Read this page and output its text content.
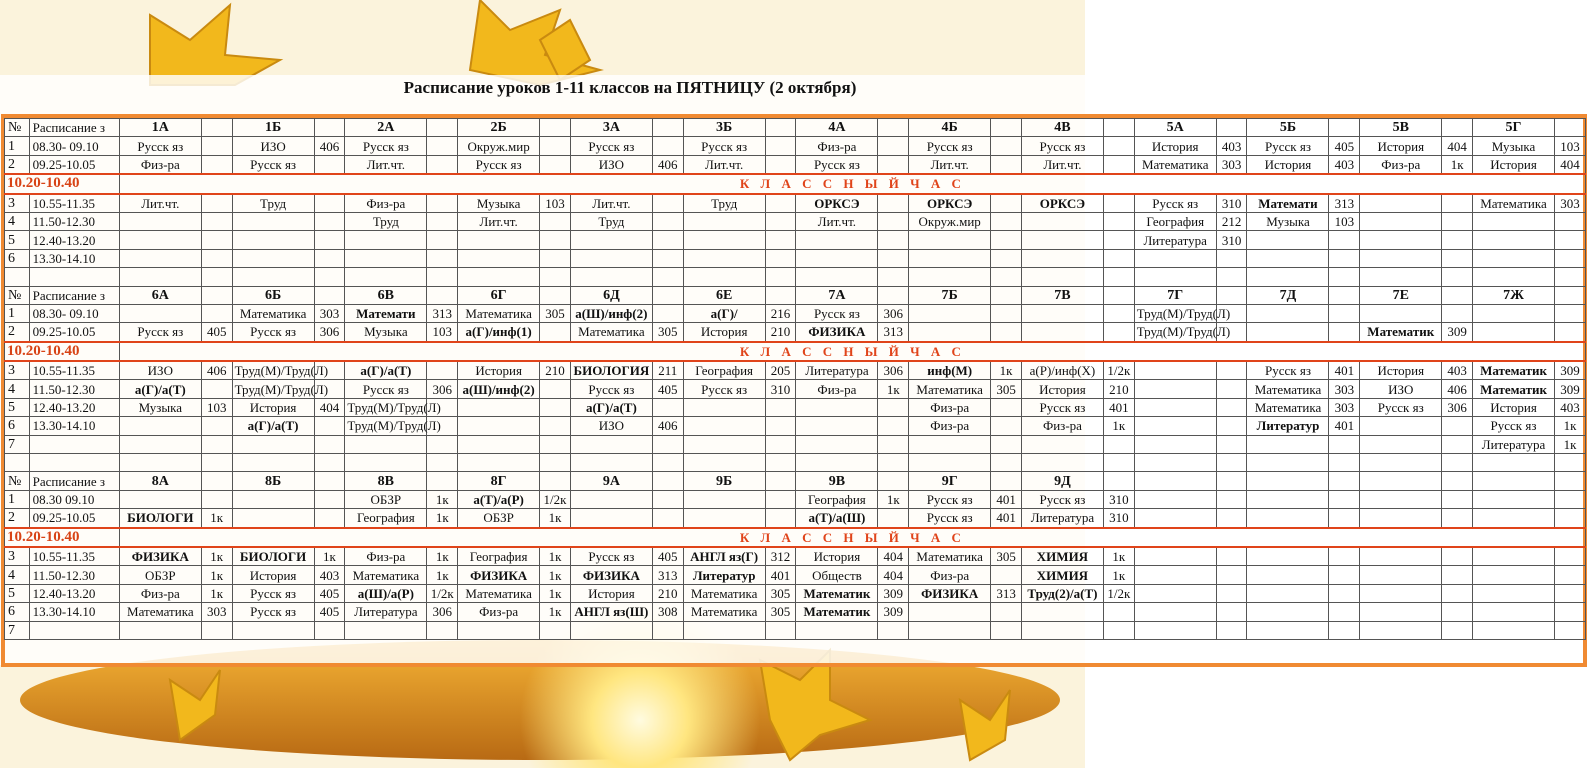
Расписание уроков 1-11 классов на ПЯТНИЦУ (2 октября)
№	Расписание з	1А		1Б		2А		2Б		3А		3Б		4А		4Б		4В		5А		5Б		5В		5Г	
1	08.30- 09.10	Русск яз		ИЗО	406	Русск яз		Окруж.мир		Русск яз		Русск яз		Физ-ра		Русск яз		Русск яз		История	403	Русск яз	405	История	404	Музыка	103
2	09.25-10.05	Физ-ра		Русск яз		Лит.чт.		Русск яз		ИЗО	406	Лит.чт.		Русск яз		Лит.чт.		Лит.чт.		Математика	303	История	403	Физ-ра	1к	История	404
10.20-10.40		К Л А С С Н Ы Й Ч А С																									
3	10.55-11.35	Лит.чт.		Труд		Физ-ра		Музыка	103	Лит.чт.		Труд		ОРКСЭ		ОРКСЭ		ОРКСЭ		Русск яз	310	Математи	313			Математика	303
4	11.50-12.30					Труд		Лит.чт.		Труд				Лит.чт.		Окруж.мир				География	212	Музыка	103				
5	12.40-13.20																			Литература	310						
6	13.30-14.10																										

№	Расписание з	6А		6Б		6В		6Г		6Д		6Е		7А		7Б		7В		7Г		7Д		7Е		7Ж	
1	08.30- 09.10			Математика	303	Математи	313	Математика	305	а(Ш)/инф(2)		а(Г)/	216	Русск яз	306					Труд(М)/Труд(Л)							
2	09.25-10.05	Русск яз	405	Русск яз	306	Музыка	103	а(Г)/инф(1)		Математика	305	История	210	ФИЗИКА	313					Труд(М)/Труд(Л)				Математик	309		
10.20-10.40		К Л А С С Н Ы Й Ч А С																									
3	10.55-11.35	ИЗО	406	Труд(М)/Труд(Л)		а(Г)/а(Т)		История	210	БИОЛОГИЯ	211	География	205	Литература	306	инф(М)	1к	а(Р)/инф(Х)	1/2к			Русск яз	401	История	403	Математик	309
4	11.50-12.30	а(Г)/а(Т)		Труд(М)/Труд(Л)		Русск яз	306	а(Ш)/инф(2)		Русск яз	405	Русск яз	310	Физ-ра	1к	Математика	305	История	210			Математика	303	ИЗО	406	Математик	309
5	12.40-13.20	Музыка	103	История	404	Труд(М)/Труд(Л)				а(Г)/а(Т)						Физ-ра		Русск яз	401			Математика	303	Русск яз	306	История	403
6	13.30-14.10			а(Г)/а(Т)		Труд(М)/Труд(Л)				ИЗО	406					Физ-ра		Физ-ра	1к			Литератур	401			Русск яз	1к
7																										Литература	1к

№	Расписание з	8А		8Б		8В		8Г		9А		9Б		9В		9Г		9Д									
1	08.30 09.10					ОБЗР	1к	а(Т)/а(Р)	1/2к					География	1к	Русск яз	401	Русск яз	310								
2	09.25-10.05	БИОЛОГИ	1к			География	1к	ОБЗР	1к					а(Т)/а(Ш)		Русск яз	401	Литература	310								
10.20-10.40		К Л А С С Н Ы Й Ч А С																									
3	10.55-11.35	ФИЗИКА	1к	БИОЛОГИ	1к	Физ-ра	1к	География	1к	Русск яз	405	АНГЛ яз(Г)	312	История	404	Математика	305	ХИМИЯ	1к								
4	11.50-12.30	ОБЗР	1к	История	403	Математика	1к	ФИЗИКА	1к	ФИЗИКА	313	Литератур	401	Обществ	404	Физ-ра		ХИМИЯ	1к								
5	12.40-13.20	Физ-ра	1к	Русск яз	405	а(Ш)/а(Р)	1/2к	Математика	1к	История	210	Математика	305	Математик	309	ФИЗИКА	313	Труд(2)/а(Т)	1/2к								
6	13.30-14.10	Математика	303	Русск яз	405	Литература	306	Физ-ра	1к	АНГЛ яз(Ш)	308	Математика	305	Математик	309												
7																											
